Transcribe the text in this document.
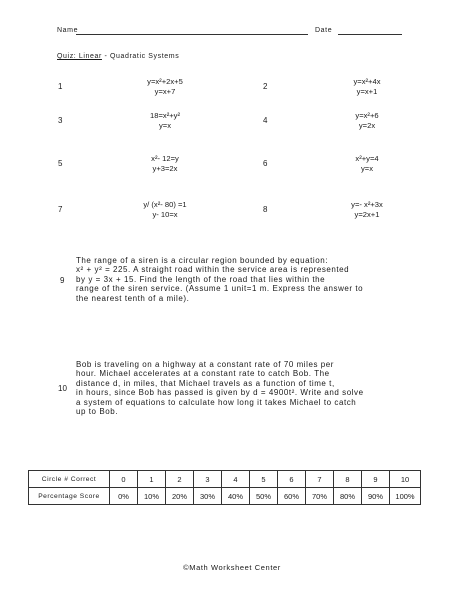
Name	Date
Quiz: Linear - Quadratic Systems
1
y=x²+2x+5
y=x+7
2
y=x²+4x
y=x+1
3
18=x²+y²
y=x
4
y=x²+6
y=2x
5
x²- 12=y
y+3=2x
6
x²+y=4
y=x
7
y/ (x²- 80) =1
y- 10=x
8
y=- x²+3x
y=2x+1
9
The range of a siren is a circular region bounded by equation:
x² + y² = 225. A straight road within the service area is represented
by y = 3x + 15. Find the length of the road that lies within the
range of the siren service. (Assume 1 unit=1 m. Express the answer to
the nearest tenth of a mile).
10
Bob is traveling on a highway at a constant rate of 70 miles per
hour. Michael accelerates at a constant rate to catch Bob. The
distance d, in miles, that Michael travels as a function of time t,
in hours, since Bob has passed is given by d = 4900t². Write and solve
a system of equations to calculate how long it takes Michael to catch
up to Bob.
Circle # Correct	0	1	2	3	4	5	6	7	8	9	10
Percentage Score	0%	10%	20%	30%	40%	50%	60%	70%	80%	90%	100%
©Math Worksheet Center
